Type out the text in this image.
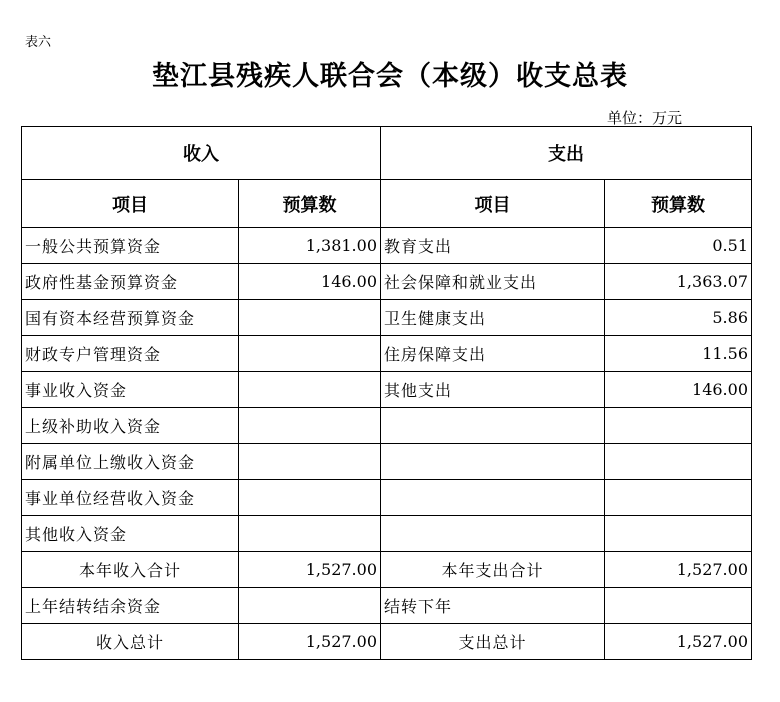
表六
垫江县残疾人联合会（本级）收支总表
单位：万元
收入		支出	
项目	预算数	项目	预算数
一般公共预算资金	1,381.00	教育支出	0.51
政府性基金预算资金	146.00	社会保障和就业支出	1,363.07
国有资本经营预算资金		卫生健康支出	5.86
财政专户管理资金		住房保障支出	11.56
事业收入资金		其他支出	146.00
上级补助收入资金			
附属单位上缴收入资金			
事业单位经营收入资金			
其他收入资金			
本年收入合计	1,527.00	本年支出合计	1,527.00
上年结转结余资金		结转下年	
收入总计	1,527.00	支出总计	1,527.00
